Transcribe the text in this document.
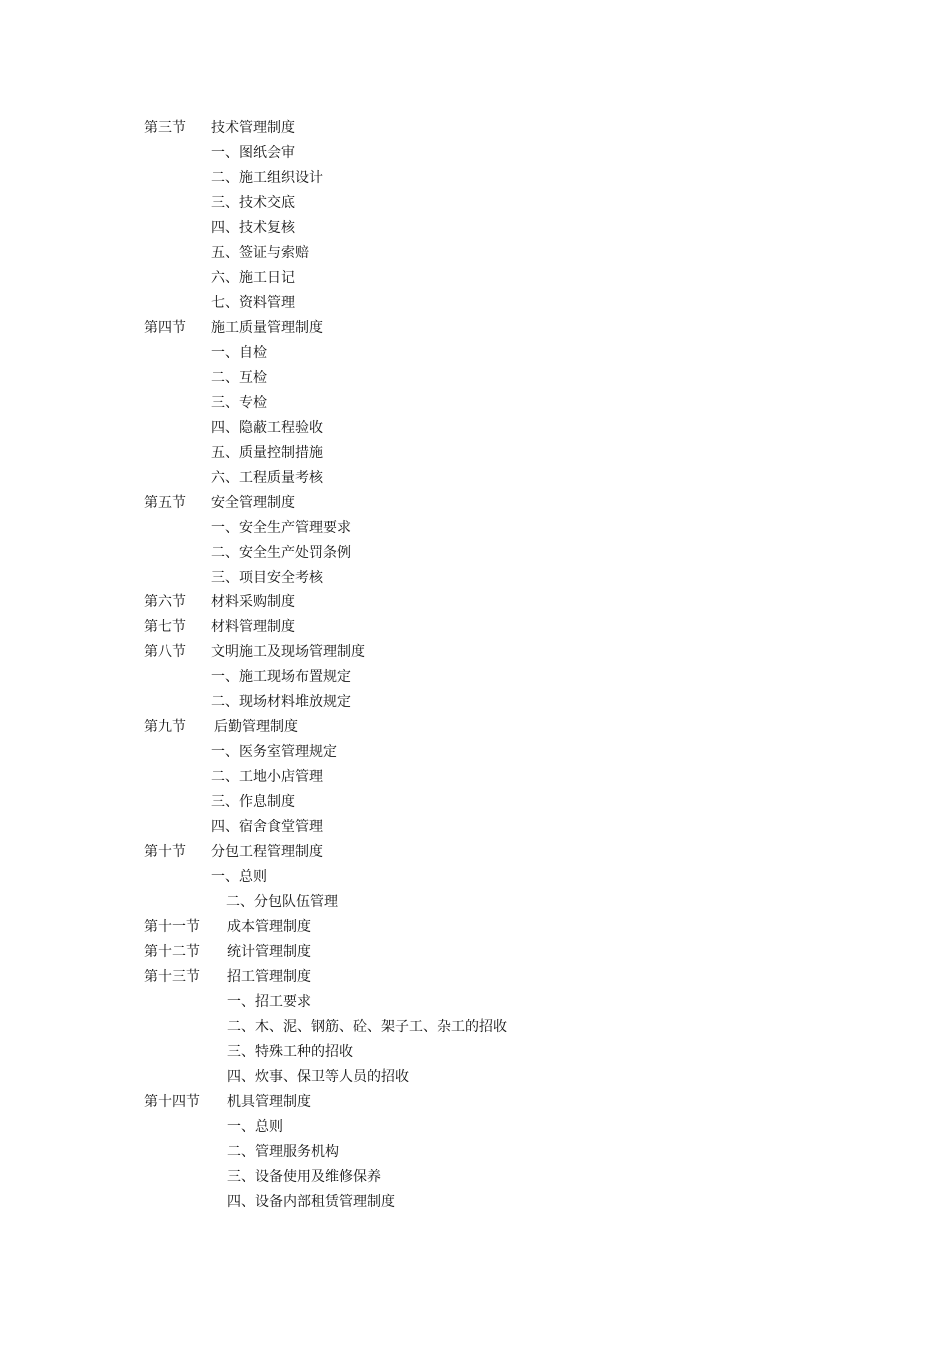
第三节 技术管理制度
一、图纸会审
二、施工组织设计
三、技术交底
四、技术复核
五、签证与索赔
六、施工日记
七、资料管理
第四节 施工质量管理制度
一、自检
二、互检
三、专检
四、隐蔽工程验收
五、质量控制措施
六、工程质量考核
第五节 安全管理制度
一、安全生产管理要求
二、安全生产处罚条例
三、项目安全考核
第六节 材料采购制度
第七节 材料管理制度
第八节 文明施工及现场管理制度
一、施工现场布置规定
二、现场材料堆放规定
第九节 后勤管理制度
一、医务室管理规定
二、工地小店管理
三、作息制度
四、宿舍食堂管理
第十节 分包工程管理制度
一、总则
二、分包队伍管理
第十一节 成本管理制度
第十二节 统计管理制度
第十三节 招工管理制度
一、招工要求
二、木、泥、钢筋、砼、架子工、杂工的招收
三、特殊工种的招收
四、炊事、保卫等人员的招收
第十四节 机具管理制度
一、总则
二、管理服务机构
三、设备使用及维修保养
四、设备内部租赁管理制度
